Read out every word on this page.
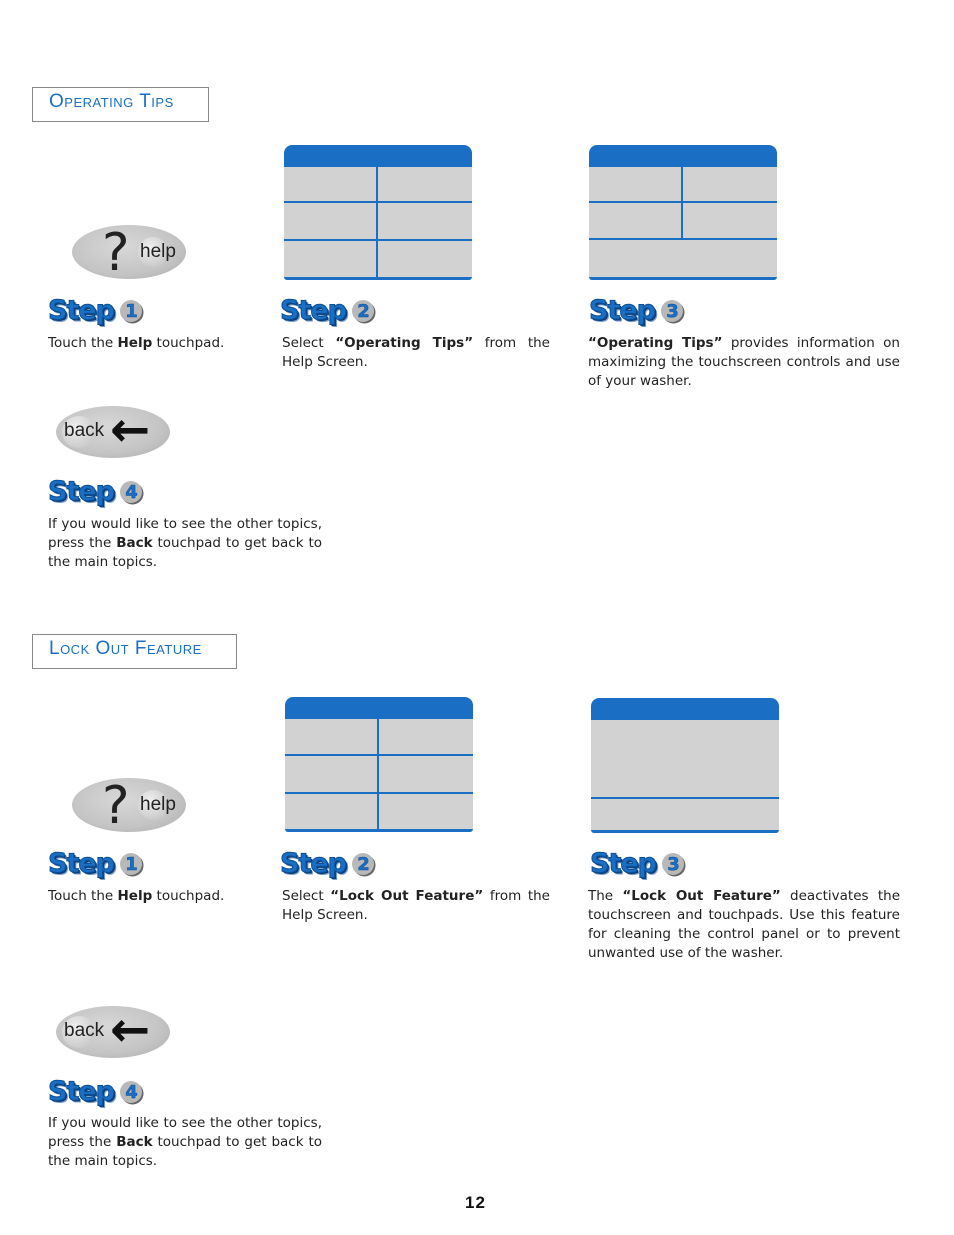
Operating Tips
? help
Step 1
Touch the Help touchpad.
Step 2
Select “Operating Tips” from the Help Screen.
Step 3
“Operating Tips” provides information on maximizing the touchscreen controls and use of your washer.
back ←
Step 4
If you would like to see the other topics, press the Back touchpad to get back to the main topics.
Lock Out Feature
? help
Step 1
Touch the Help touchpad.
Step 2
Select “Lock Out Feature” from the Help Screen.
Step 3
The “Lock Out Feature” deactivates the touchscreen and touchpads. Use this feature for cleaning the control panel or to prevent unwanted use of the washer.
back ←
Step 4
If you would like to see the other topics, press the Back touchpad to get back to the main topics.
12
